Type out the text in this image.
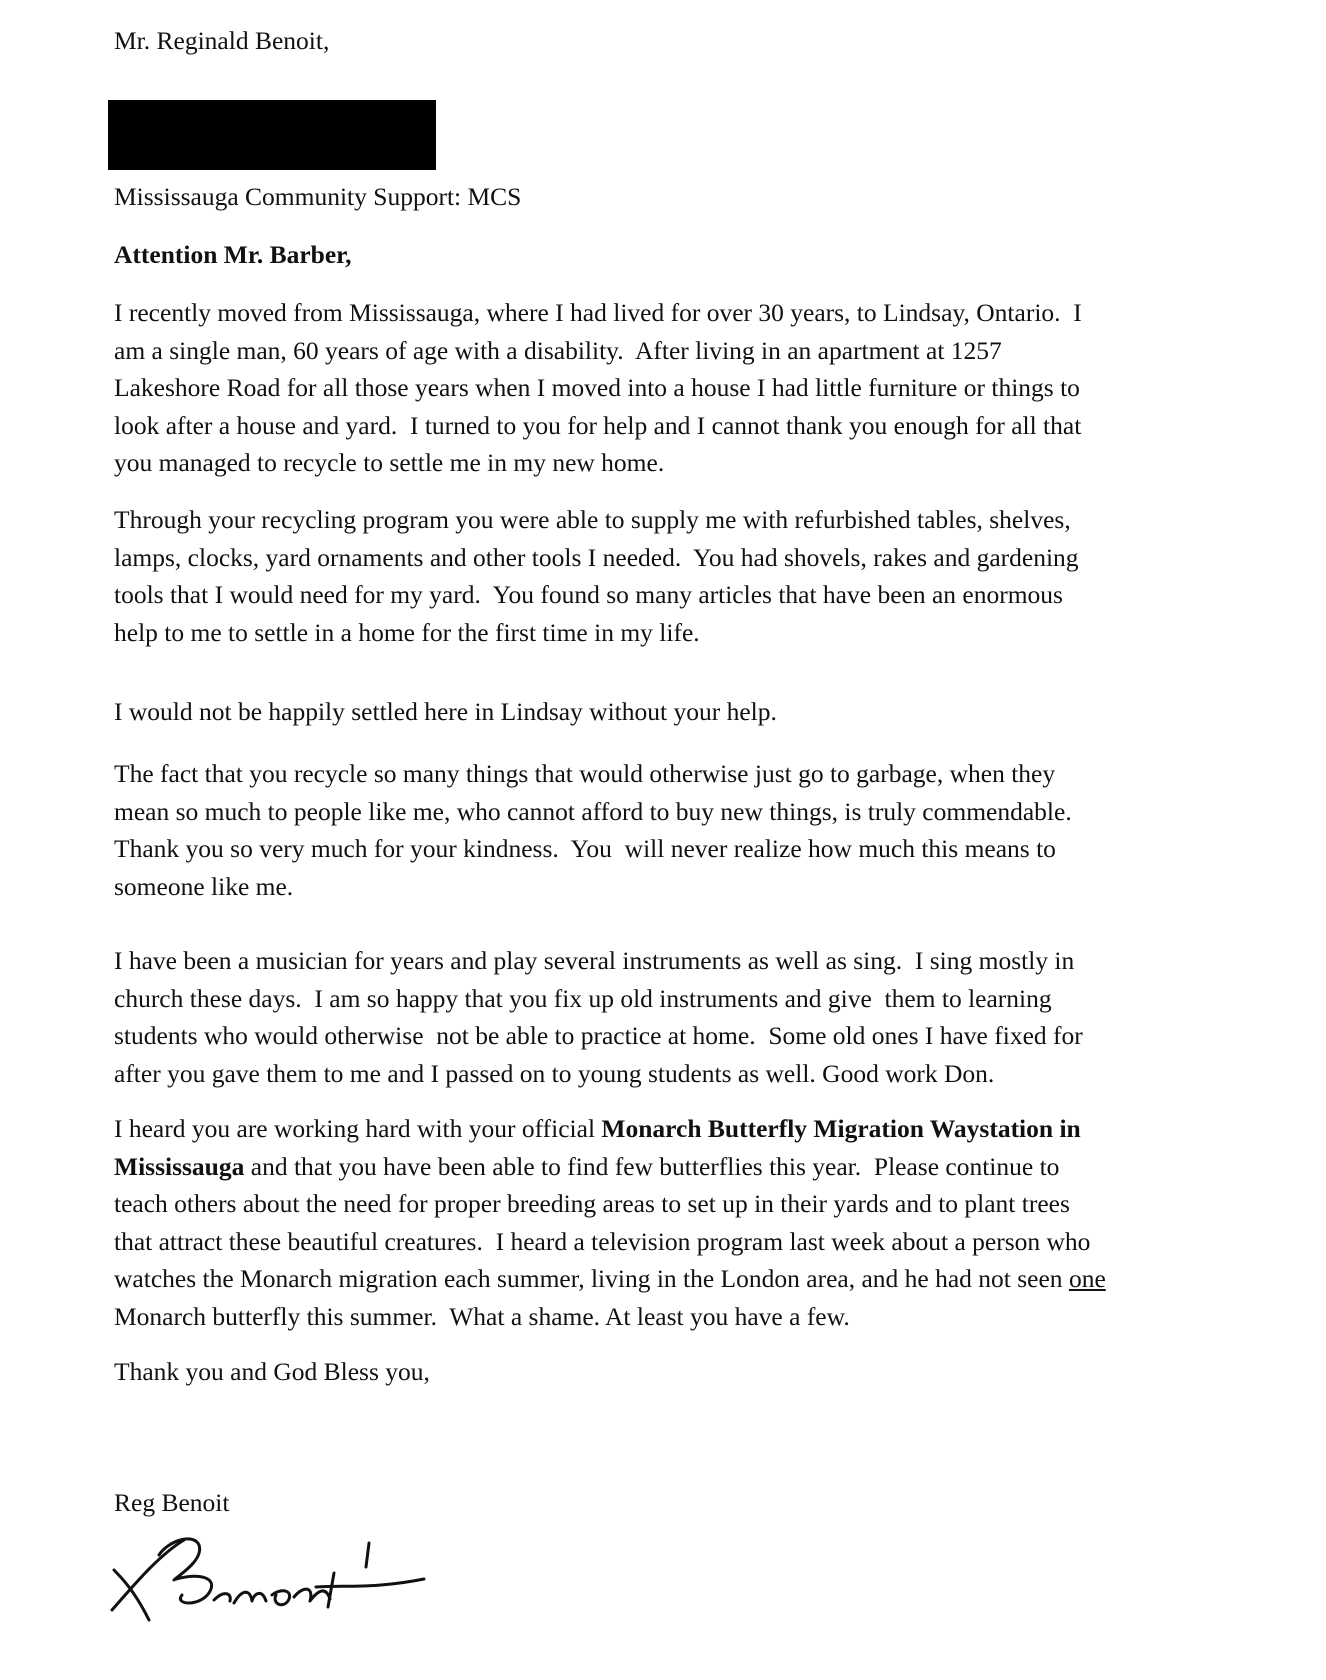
Mr. Reginald Benoit,
Mississauga Community Support: MCS
Attention Mr. Barber,
I recently moved from Mississauga, where I had lived for over 30 years, to Lindsay, Ontario.  I
am a single man, 60 years of age with a disability.  After living in an apartment at 1257
Lakeshore Road for all those years when I moved into a house I had little furniture or things to
look after a house and yard.  I turned to you for help and I cannot thank you enough for all that
you managed to recycle to settle me in my new home.
Through your recycling program you were able to supply me with refurbished tables, shelves,
lamps, clocks, yard ornaments and other tools I needed.  You had shovels, rakes and gardening
tools that I would need for my yard.  You found so many articles that have been an enormous
help to me to settle in a home for the first time in my life.
I would not be happily settled here in Lindsay without your help.
The fact that you recycle so many things that would otherwise just go to garbage, when they
mean so much to people like me, who cannot afford to buy new things, is truly commendable.
Thank you so very much for your kindness.  You  will never realize how much this means to
someone like me.
I have been a musician for years and play several instruments as well as sing.  I sing mostly in
church these days.  I am so happy that you fix up old instruments and give  them to learning
students who would otherwise  not be able to practice at home.  Some old ones I have fixed for
after you gave them to me and I passed on to young students as well. Good work Don.
I heard you are working hard with your official Monarch Butterfly Migration Waystation in
Mississauga and that you have been able to find few butterflies this year.  Please continue to
teach others about the need for proper breeding areas to set up in their yards and to plant trees
that attract these beautiful creatures.  I heard a television program last week about a person who
watches the Monarch migration each summer, living in the London area, and he had not seen one
Monarch butterfly this summer.  What a shame. At least you have a few.
Thank you and God Bless you,
Reg Benoit
